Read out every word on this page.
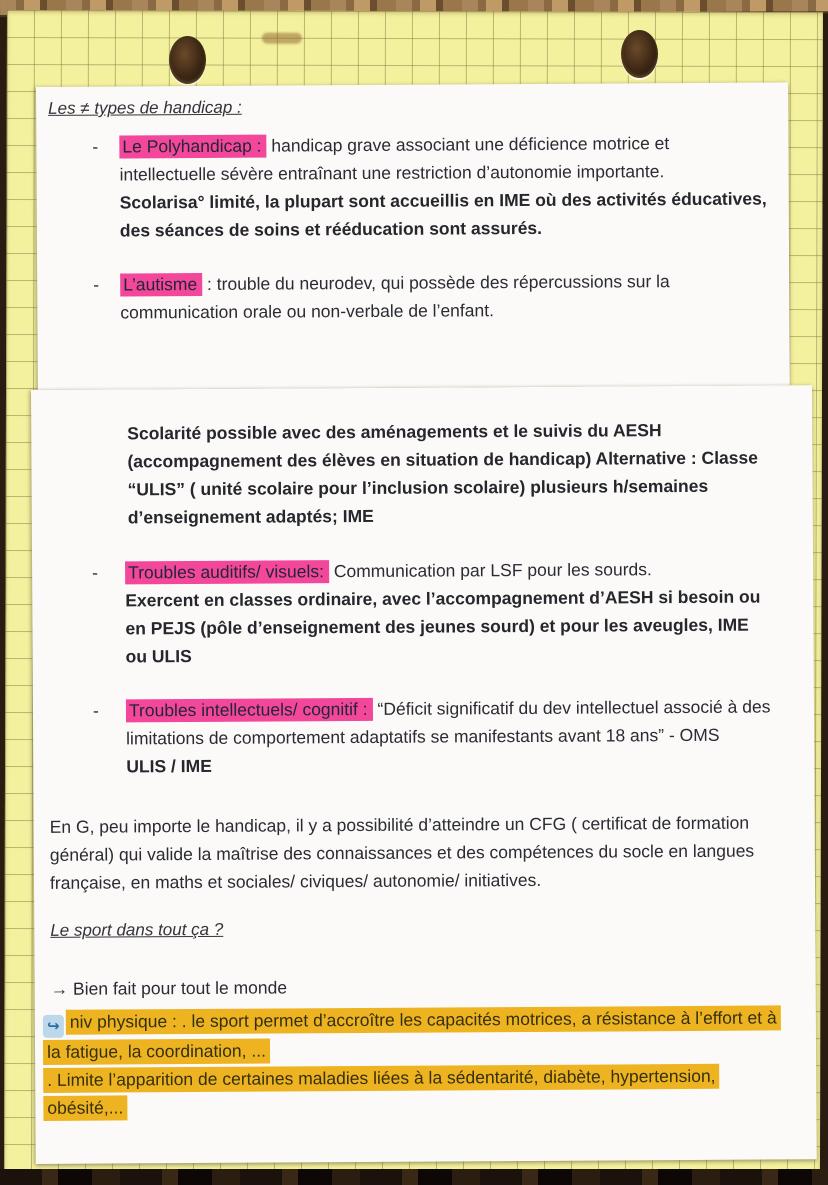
Les ≠ types de handicap :
-	Le Polyhandicap : handicap grave associant une déficience motrice et intellectuelle sévère entraînant une restriction d’autonomie importante.

Scolarisa° limité, la plupart sont accueillis en IME où des activités éducatives, des séances de soins et rééducation sont assurés.

-	L’autisme : trouble du neurodev, qui possède des répercussions sur la communication orale ou non-verbale de l’enfant.

Scolarité possible avec des aménagements et le suivis du AESH (accompagnement des élèves en situation de handicap) Alternative : Classe “ULIS” ( unité scolaire pour l’inclusion scolaire) plusieurs h/semaines d’enseignement adaptés; IME

-	Troubles auditifs/ visuels: Communication par LSF pour les sourds.

Exercent en classes ordinaire, avec l’accompagnement d’AESH si besoin ou en PEJS (pôle d’enseignement des jeunes sourd) et pour les aveugles, IME ou ULIS

-	Troubles intellectuels/ cognitif : “Déficit significatif du dev intellectuel associé à des limitations de comportement adaptatifs se manifestants avant 18 ans” - OMS

ULIS / IME

En G, peu importe le handicap, il y a possibilité d’atteindre un CFG ( certificat de formation général) qui valide la maîtrise des connaissances et des compétences du socle en langues française, en maths et sociales/ civiques/ autonomie/ initiatives.

Le sport dans tout ça ?

→ Bien fait pour tout le monde

↪ niv physique : . le sport permet d’accroître les capacités motrices, a résistance à l’effort et à la fatigue, la coordination, ...

. Limite l’apparition de certaines maladies liées à la sédentarité, diabète, hypertension, obésité,...
